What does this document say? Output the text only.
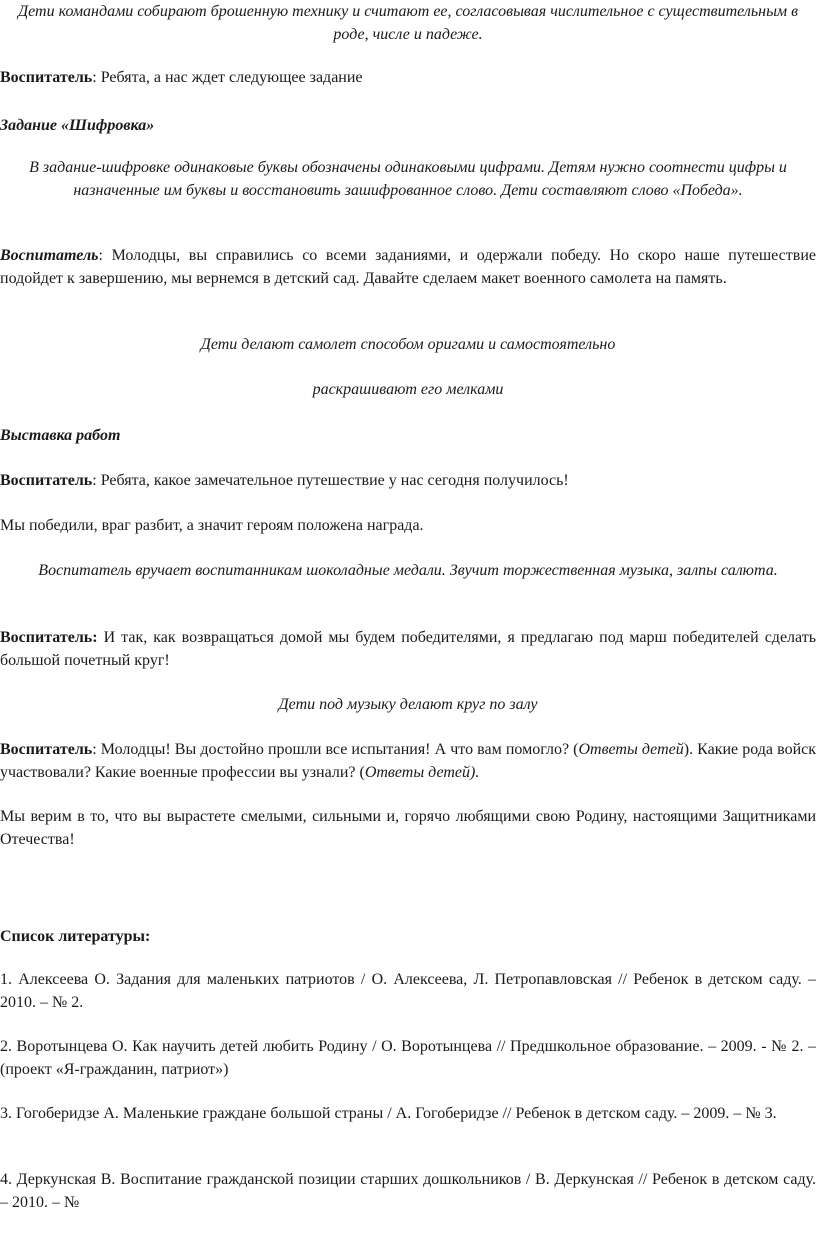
Дети командами собирают брошенную технику и считают ее, согласовывая числительное с существительным в роде, числе и падеже.

Воспитатель: Ребята, а нас ждет следующее задание

Задание «Шифровка»

В задание-шифровке одинаковые буквы обозначены одинаковыми цифрами. Детям нужно соотнести цифры и назначенные им буквы и восстановить зашифрованное слово. Дети составляют слово «Победа».

Воспитатель: Молодцы, вы справились со всеми заданиями, и одержали победу. Но скоро наше путешествие подойдет к завершению, мы вернемся в детский сад. Давайте сделаем макет военного самолета на память.

Дети делают самолет способом оригами и самостоятельно

раскрашивают его мелками

Выставка работ

Воспитатель: Ребята, какое замечательное путешествие у нас сегодня получилось!

Мы победили, враг разбит, а значит героям положена награда.

Воспитатель вручает воспитанникам шоколадные медали. Звучит торжественная музыка, залпы салюта.

Воспитатель: И так, как возвращаться домой мы будем победителями, я предлагаю под марш победителей сделать большой почетный круг!

Дети под музыку делают круг по залу

Воспитатель: Молодцы! Вы достойно прошли все испытания! А что вам помогло? (Ответы детей). Какие рода войск участвовали? Какие военные профессии вы узнали? (Ответы детей).

Мы верим в то, что вы вырастете смелыми, сильными и, горячо любящими свою Родину, настоящими Защитниками Отечества!

Список литературы:

1. Алексеева О. Задания для маленьких патриотов / О. Алексеева, Л. Петропавловская // Ребенок в детском саду. – 2010. – № 2.

2. Воротынцева О. Как научить детей любить Родину / О. Воротынцева // Предшкольное образование. – 2009. - № 2. – (проект «Я-гражданин, патриот»)

3. Гогоберидзе А. Маленькие граждане большой страны / А. Гогоберидзе // Ребенок в детском саду. – 2009. – № 3.

4. Деркунская В. Воспитание гражданской позиции старших дошкольников / В. Деркунская // Ребенок в детском саду. – 2010. – №
